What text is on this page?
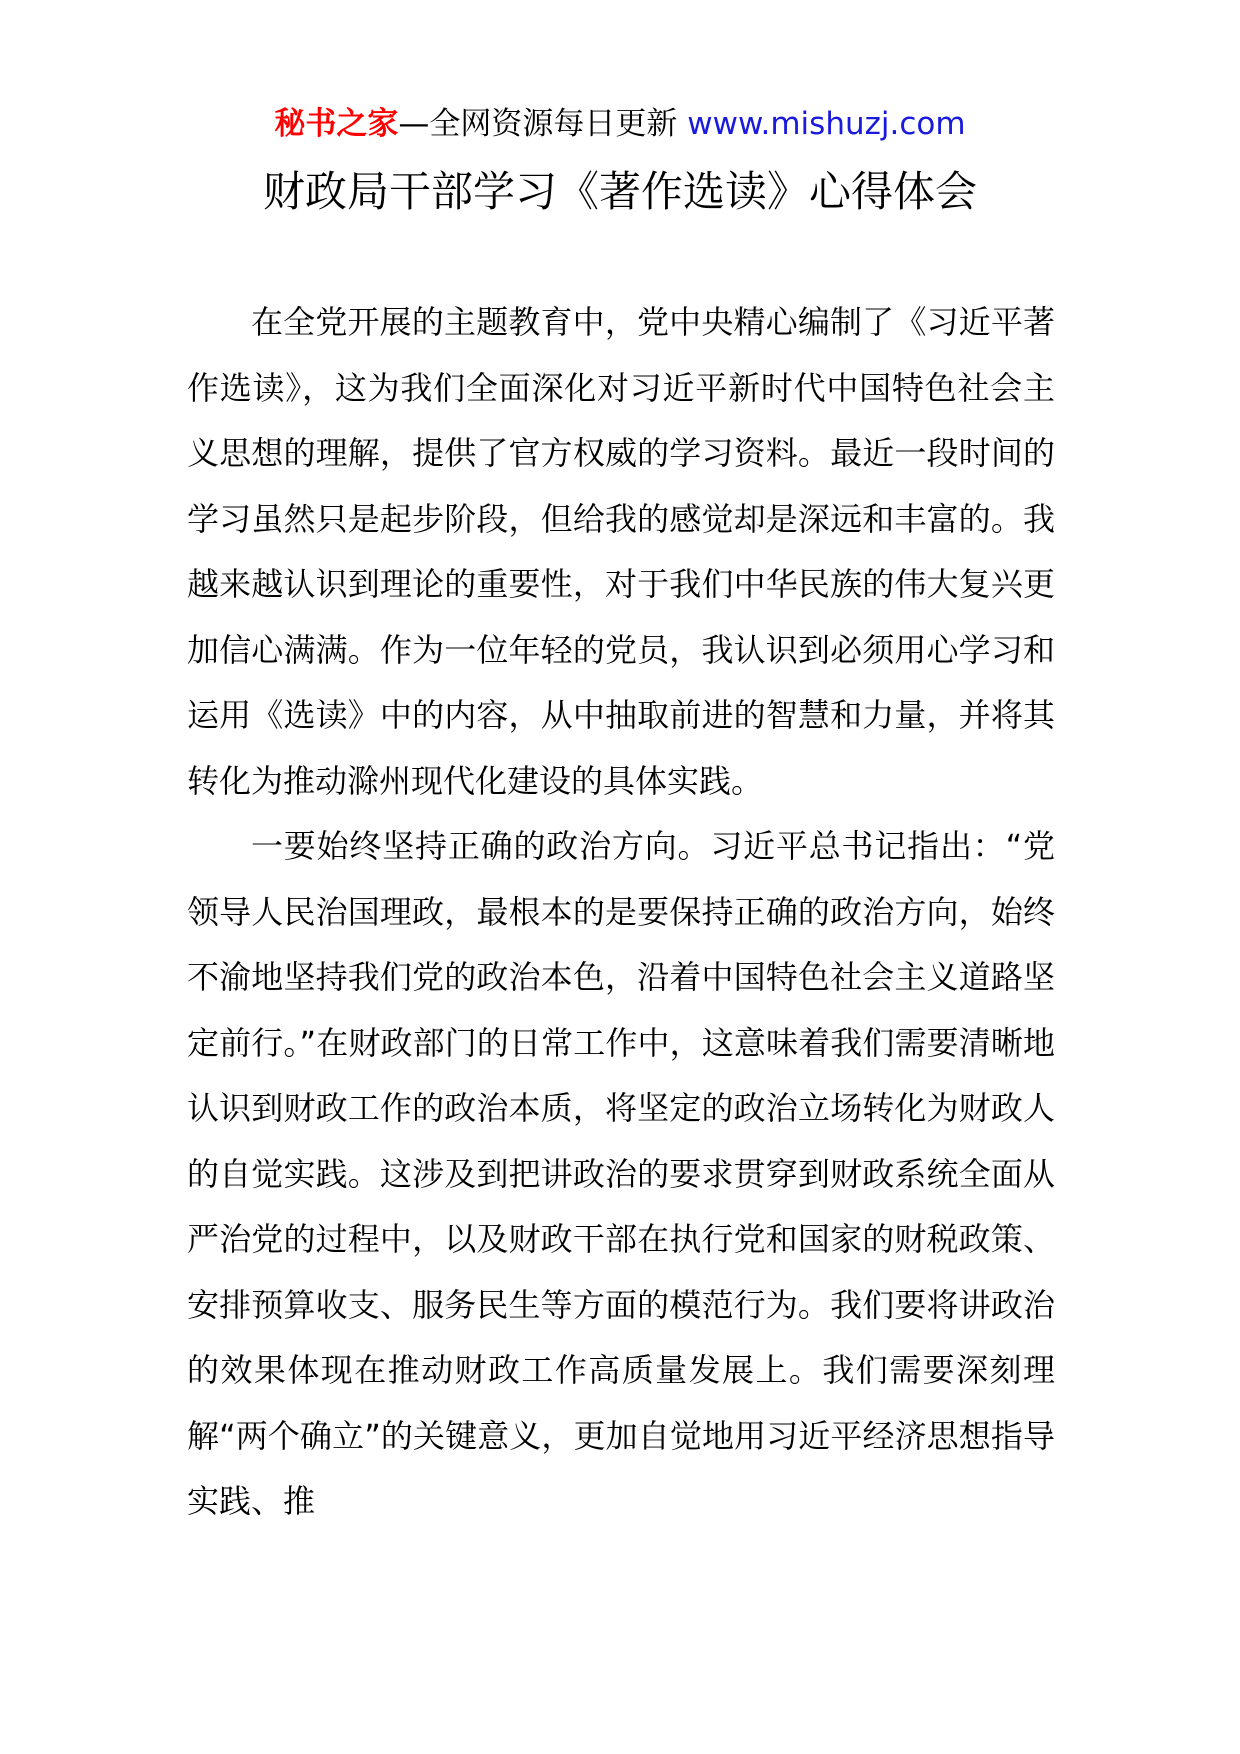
秘书之家—全网资源每日更新 www.mishuzj.com
财政局干部学习《著作选读》心得体会

在全党开展的主题教育中，党中央精心编制了《习近平著作选读》，这为我们全面深化对习近平新时代中国特色社会主义思想的理解，提供了官方权威的学习资料。最近一段时间的学习虽然只是起步阶段，但给我的感觉却是深远和丰富的。我越来越认识到理论的重要性，对于我们中华民族的伟大复兴更加信心满满。作为一位年轻的党员，我认识到必须用心学习和运用《选读》中的内容，从中抽取前进的智慧和力量，并将其转化为推动滁州现代化建设的具体实践。

一要始终坚持正确的政治方向。习近平总书记指出：“党领导人民治国理政，最根本的是要保持正确的政治方向，始终不渝地坚持我们党的政治本色，沿着中国特色社会主义道路坚定前行。”在财政部门的日常工作中，这意味着我们需要清晰地认识到财政工作的政治本质，将坚定的政治立场转化为财政人的自觉实践。这涉及到把讲政治的要求贯穿到财政系统全面从严治党的过程中，以及财政干部在执行党和国家的财税政策、安排预算收支、服务民生等方面的模范行为。我们要将讲政治的效果体现在推动财政工作高质量发展上。我们需要深刻理解“两个确立”的关键意义，更加自觉地用习近平经济思想指导实践、推
